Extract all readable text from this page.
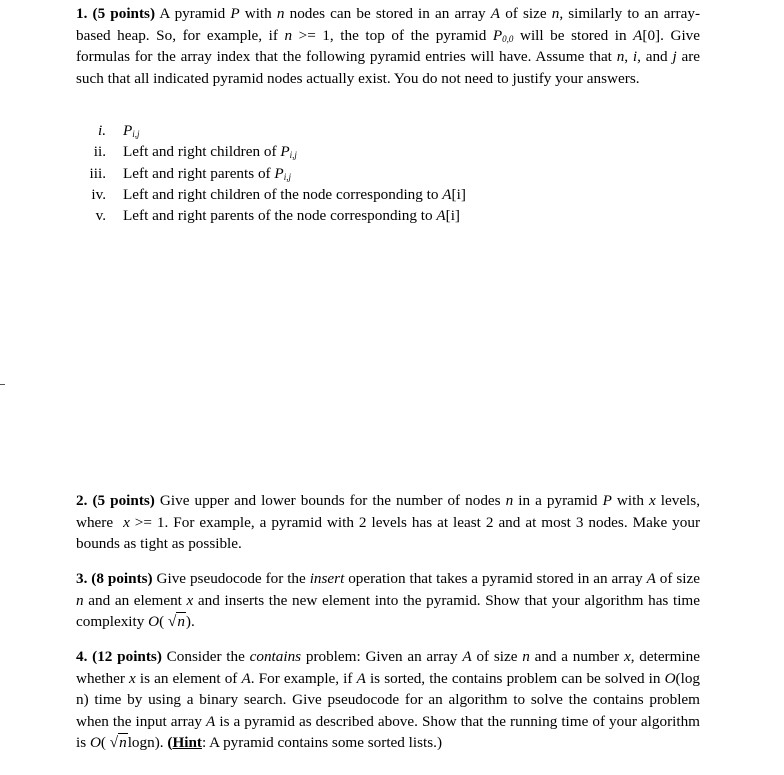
1. (5 points) A pyramid P with n nodes can be stored in an array A of size n, similarly to an array-based heap. So, for example, if n >= 1, the top of the pyramid $P_{0,0}$ will be stored in A[0]. Give formulas for the array index that the following pyramid entries will have. Assume that n, i, and j are such that all indicated pyramid nodes actually exist. You do not need to justify your answers.

i. $P_{i,j}$
ii. Left and right children of $P_{i,j}$
iii. Left and right parents of $P_{i,j}$
iv. Left and right children of the node corresponding to A[i]
v. Left and right parents of the node corresponding to A[i]

2. (5 points) Give upper and lower bounds for the number of nodes n in a pyramid P with x levels, where  x >= 1. For example, a pyramid with 2 levels has at least 2 and at most 3 nodes. Make your bounds as tight as possible.

3. (8 points) Give pseudocode for the insert operation that takes a pyramid stored in an array A of size n and an element x and inserts the new element into the pyramid. Show that your algorithm has time complexity O( √n).

4. (12 points) Consider the contains problem: Given an array A of size n and a number x, determine whether x is an element of A. For example, if A is sorted, the contains problem can be solved in O(log n) time by using a binary search. Give pseudocode for an algorithm to solve the contains problem when the input array A is a pyramid as described above. Show that the running time of your algorithm is O( √nlogn). (Hint: A pyramid contains some sorted lists.)
